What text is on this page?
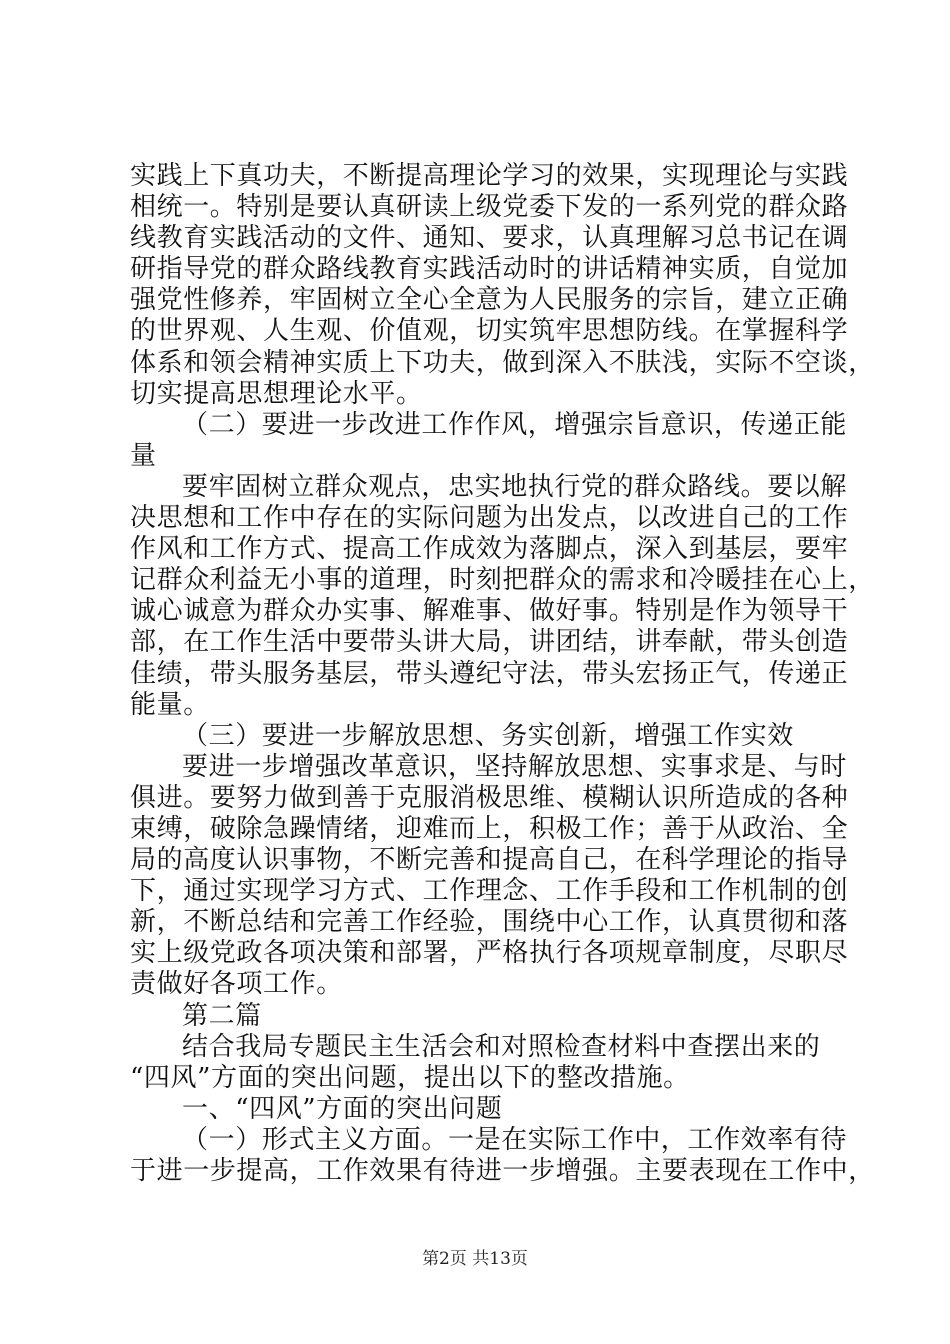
实践上下真功夫，不断提高理论学习的效果，实现理论与实践
相统一。特别是要认真研读上级党委下发的一系列党的群众路
线教育实践活动的文件、通知、要求，认真理解习总书记在调
研指导党的群众路线教育实践活动时的讲话精神实质，自觉加
强党性修养，牢固树立全心全意为人民服务的宗旨，建立正确
的世界观、人生观、价值观，切实筑牢思想防线。在掌握科学
体系和领会精神实质上下功夫，做到深入不肤浅，实际不空谈，
切实提高思想理论水平。
（二）要进一步改进工作作风，增强宗旨意识，传递正能
量
要牢固树立群众观点，忠实地执行党的群众路线。要以解
决思想和工作中存在的实际问题为出发点，以改进自己的工作
作风和工作方式、提高工作成效为落脚点，深入到基层，要牢
记群众利益无小事的道理，时刻把群众的需求和冷暖挂在心上，
诚心诚意为群众办实事、解难事、做好事。特别是作为领导干
部，在工作生活中要带头讲大局，讲团结，讲奉献，带头创造
佳绩，带头服务基层，带头遵纪守法，带头宏扬正气，传递正
能量。
（三）要进一步解放思想、务实创新，增强工作实效
要进一步增强改革意识，坚持解放思想、实事求是、与时
俱进。要努力做到善于克服消极思维、模糊认识所造成的各种
束缚，破除急躁情绪，迎难而上，积极工作；善于从政治、全
局的高度认识事物，不断完善和提高自己，在科学理论的指导
下，通过实现学习方式、工作理念、工作手段和工作机制的创
新，不断总结和完善工作经验，围绕中心工作，认真贯彻和落
实上级党政各项决策和部署，严格执行各项规章制度，尽职尽
责做好各项工作。
第二篇
结合我局专题民主生活会和对照检查材料中查摆出来的
“四风”方面的突出问题，提出以下的整改措施。
一、“四风”方面的突出问题
（一）形式主义方面。一是在实际工作中，工作效率有待
于进一步提高，工作效果有待进一步增强。主要表现在工作中，
第2页 共13页
